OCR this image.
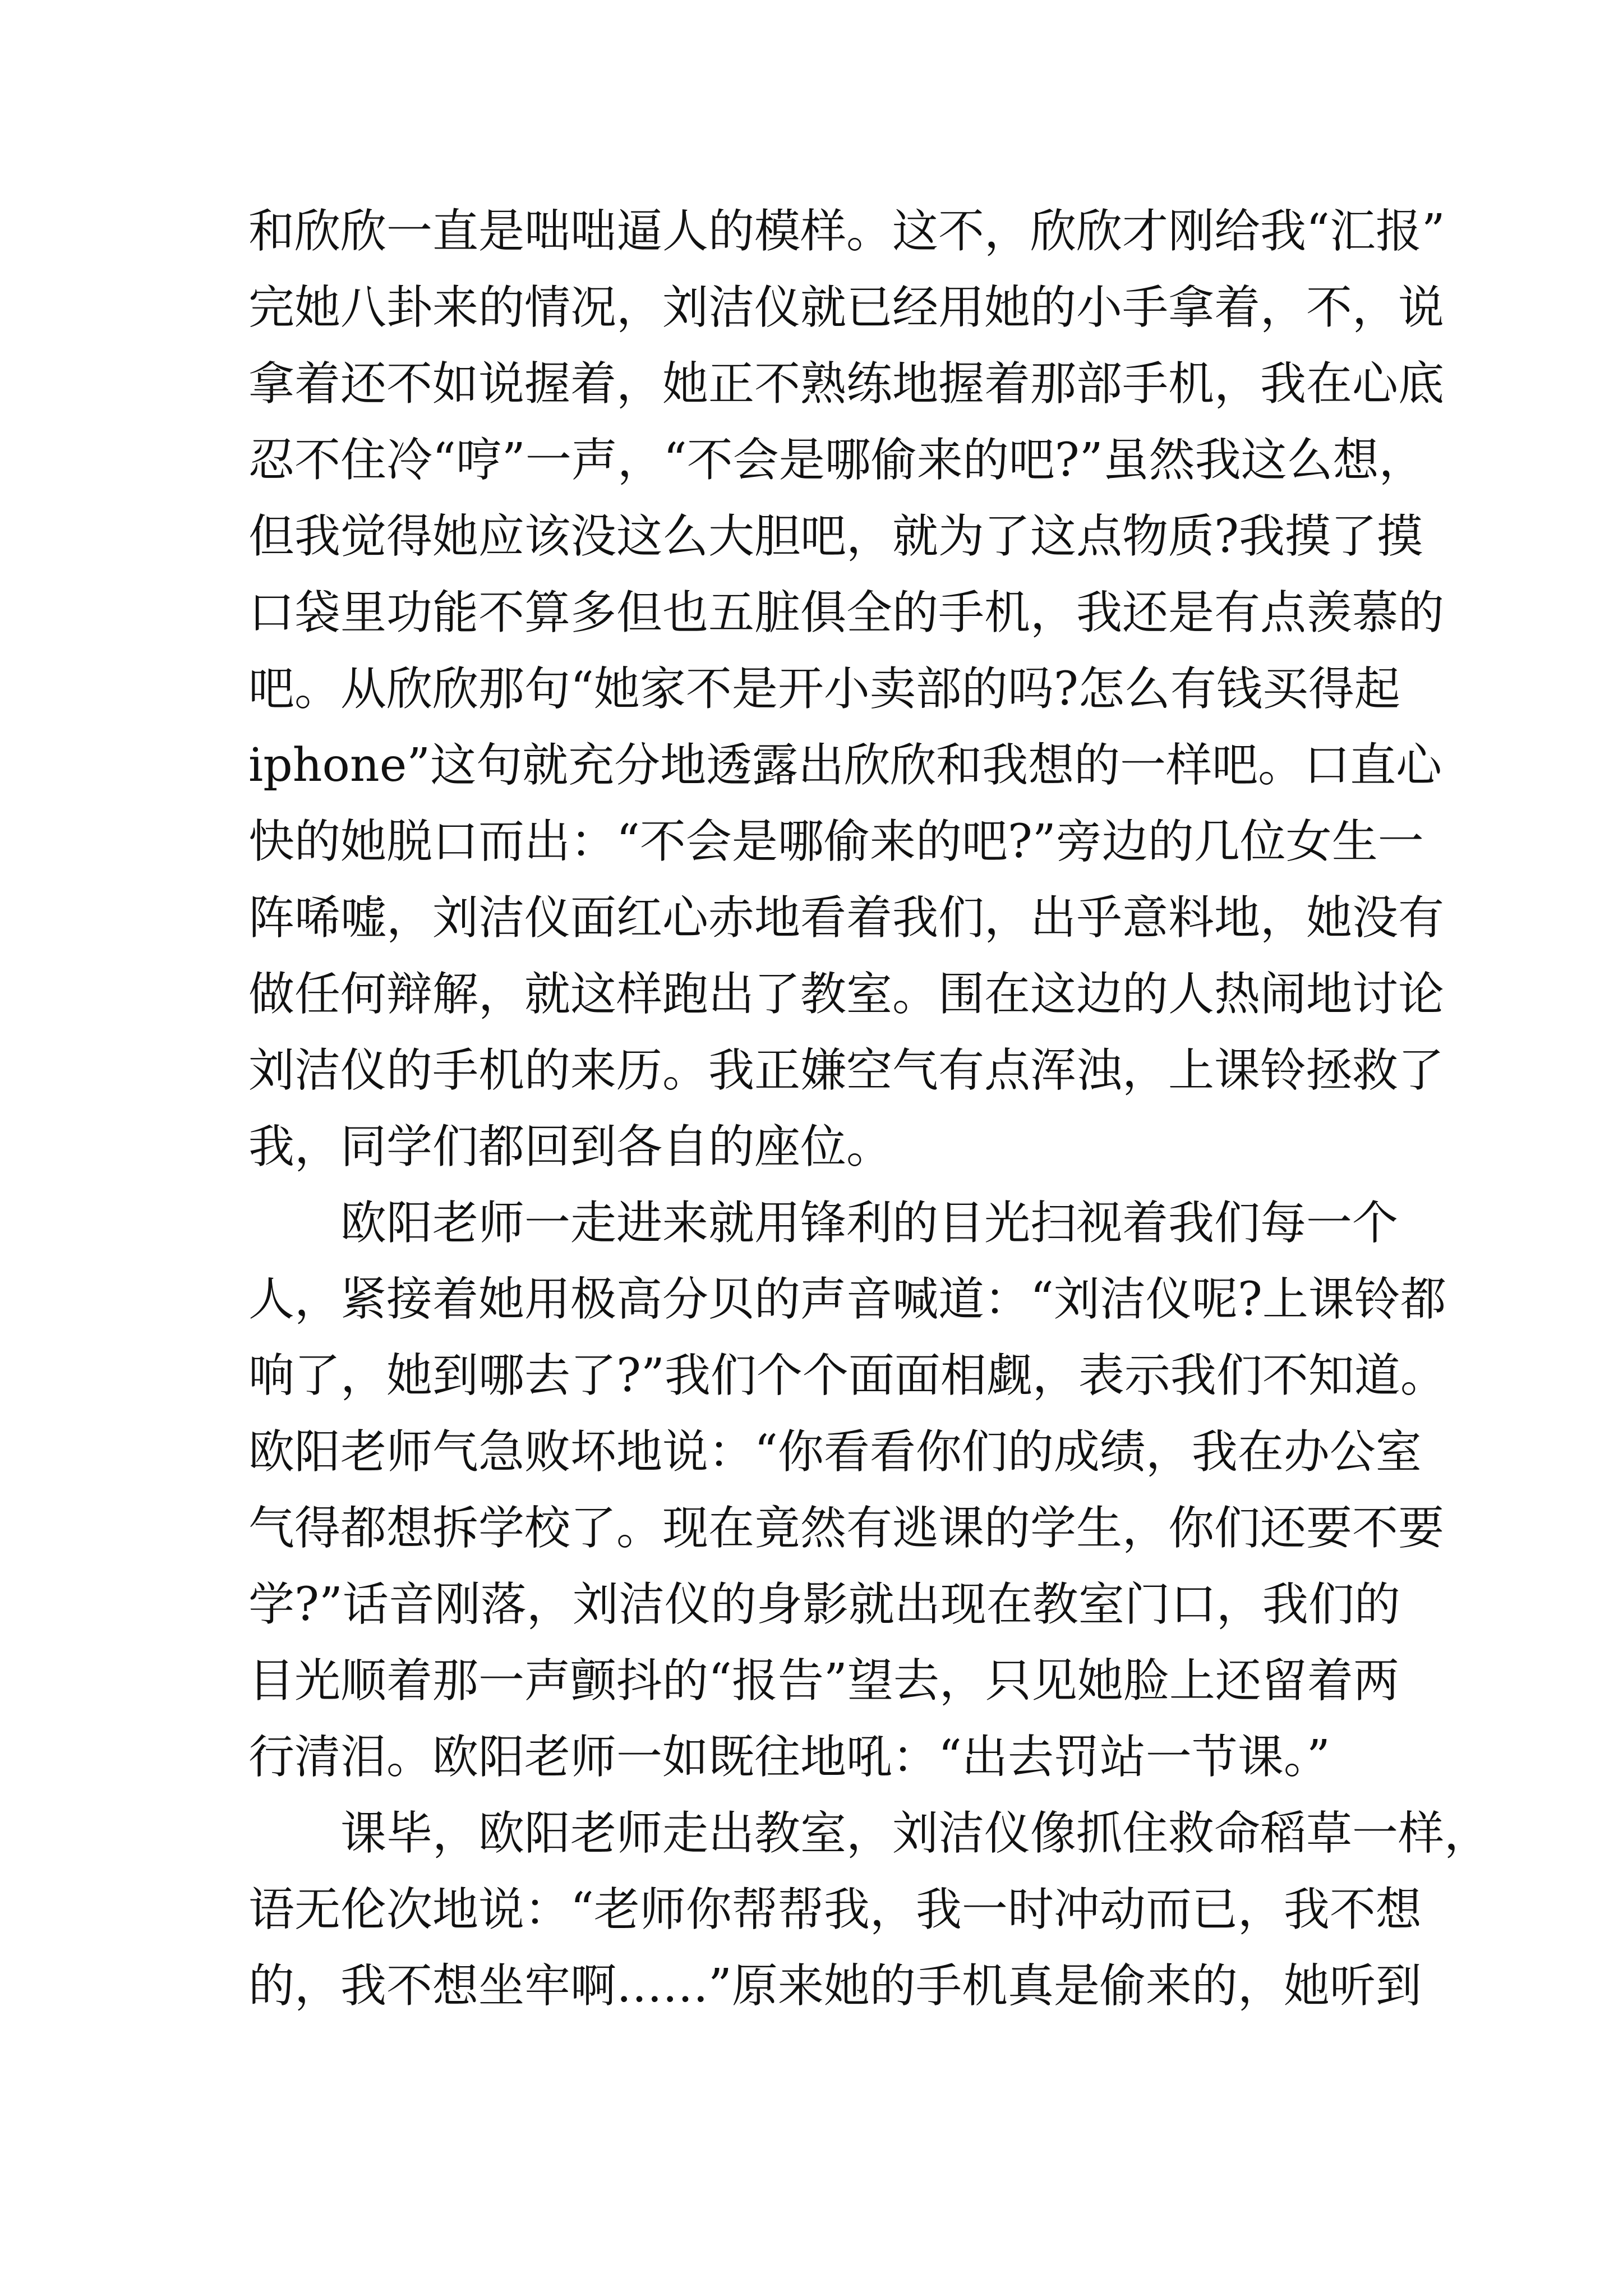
和欣欣一直是咄咄逼人的模样。这不，欣欣才刚给我“汇报”
完她八卦来的情况，刘洁仪就已经用她的小手拿着，不，说
拿着还不如说握着，她正不熟练地握着那部手机，我在心底
忍不住冷“哼”一声，“不会是哪偷来的吧?”虽然我这么想，
但我觉得她应该没这么大胆吧，就为了这点物质?我摸了摸
口袋里功能不算多但也五脏俱全的手机，我还是有点羡慕的
吧。从欣欣那句“她家不是开小卖部的吗?怎么有钱买得起
iphone”这句就充分地透露出欣欣和我想的一样吧。口直心
快的她脱口而出：“不会是哪偷来的吧?”旁边的几位女生一
阵唏嘘，刘洁仪面红心赤地看着我们，出乎意料地，她没有
做任何辩解，就这样跑出了教室。围在这边的人热闹地讨论
刘洁仪的手机的来历。我正嫌空气有点浑浊，上课铃拯救了
我，同学们都回到各自的座位。

欧阳老师一走进来就用锋利的目光扫视着我们每一个
人，紧接着她用极高分贝的声音喊道：“刘洁仪呢?上课铃都
响了，她到哪去了?”我们个个面面相觑，表示我们不知道。
欧阳老师气急败坏地说：“你看看你们的成绩，我在办公室
气得都想拆学校了。现在竟然有逃课的学生，你们还要不要
学?”话音刚落，刘洁仪的身影就出现在教室门口，我们的
目光顺着那一声颤抖的“报告”望去，只见她脸上还留着两
行清泪。欧阳老师一如既往地吼：“出去罚站一节课。”

课毕，欧阳老师走出教室，刘洁仪像抓住救命稻草一样，
语无伦次地说：“老师你帮帮我，我一时冲动而已，我不想
的，我不想坐牢啊……”原来她的手机真是偷来的，她听到
